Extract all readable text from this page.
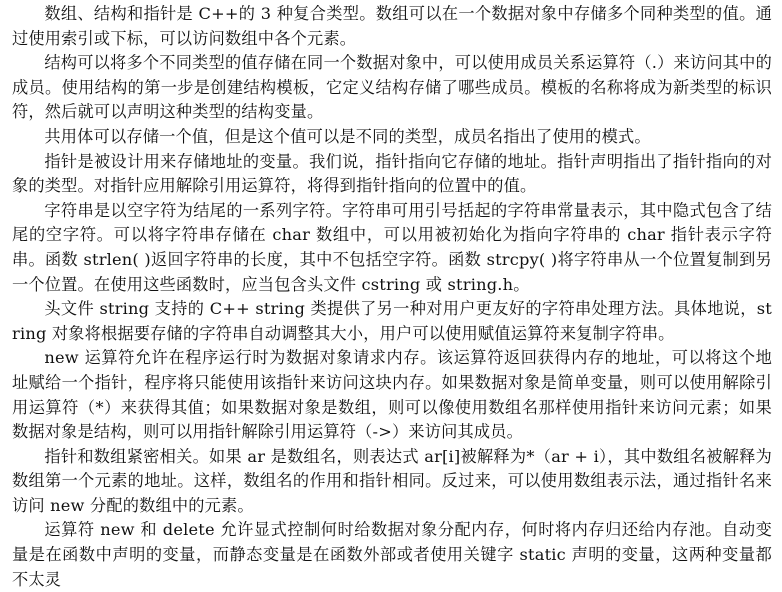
数组、结构和指针是 C++的 3 种复合类型。数组可以在一个数据对象中存储多个同种类型的值。通过使用索引或下标，可以访问数组中各个元素。

结构可以将多个不同类型的值存储在同一个数据对象中，可以使用成员关系运算符（.）来访问其中的成员。使用结构的第一步是创建结构模板，它定义结构存储了哪些成员。模板的名称将成为新类型的标识符，然后就可以声明这种类型的结构变量。

共用体可以存储一个值，但是这个值可以是不同的类型，成员名指出了使用的模式。

指针是被设计用来存储地址的变量。我们说，指针指向它存储的地址。指针声明指出了指针指向的对象的类型。对指针应用解除引用运算符，将得到指针指向的位置中的值。

字符串是以空字符为结尾的一系列字符。字符串可用引号括起的字符串常量表示，其中隐式包含了结尾的空字符。可以将字符串存储在 char 数组中，可以用被初始化为指向字符串的 char 指针表示字符串。函数 strlen( )返回字符串的长度，其中不包括空字符。函数 strcpy( )将字符串从一个位置复制到另一个位置。在使用这些函数时，应当包含头文件 cstring 或 string.h。

头文件 string 支持的 C++ string 类提供了另一种对用户更友好的字符串处理方法。具体地说，string 对象将根据要存储的字符串自动调整其大小，用户可以使用赋值运算符来复制字符串。

new 运算符允许在程序运行时为数据对象请求内存。该运算符返回获得内存的地址，可以将这个地址赋给一个指针，程序将只能使用该指针来访问这块内存。如果数据对象是简单变量，则可以使用解除引用运算符（*）来获得其值；如果数据对象是数组，则可以像使用数组名那样使用指针来访问元素；如果数据对象是结构，则可以用指针解除引用运算符（->）来访问其成员。

指针和数组紧密相关。如果 ar 是数组名，则表达式 ar[i]被解释为*（ar + i），其中数组名被解释为数组第一个元素的地址。这样，数组名的作用和指针相同。反过来，可以使用数组表示法，通过指针名来访问 new 分配的数组中的元素。

运算符 new 和 delete 允许显式控制何时给数据对象分配内存，何时将内存归还给内存池。自动变量是在函数中声明的变量，而静态变量是在函数外部或者使用关键字 static 声明的变量，这两种变量都不太灵
